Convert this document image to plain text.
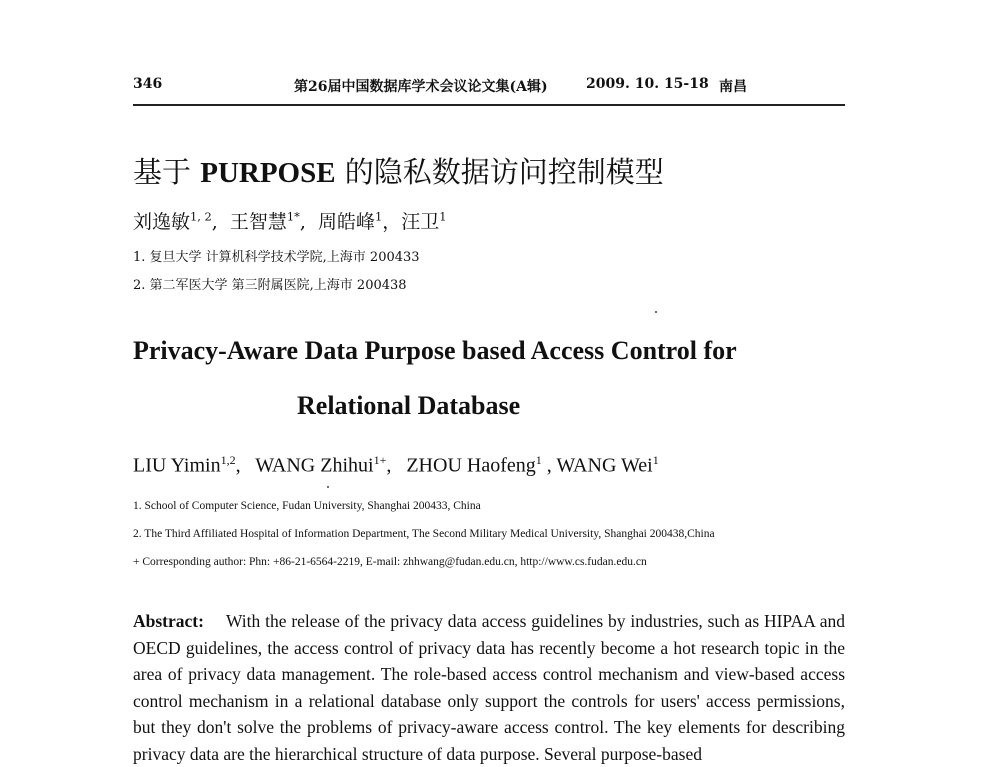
346	第26届中国数据库学术会议论文集(A辑)	2009. 10. 15-18 南昌
基于 PURPOSE 的隐私数据访问控制模型
刘逸敏$^{1, 2}$,  王智慧$^{1*}$,  周皓峰$^1$，汪卫$^1$
1. 复旦大学 计算机科学技术学院,上海市 200433
2. 第二军医大学 第三附属医院,上海市 200438
Privacy-Aware Data Purpose based Access Control for
Relational Database
LIU Yimin$^{1,2}$,   WANG Zhihui$^{1+}$,   ZHOU Haofeng$^1$ , WANG Wei$^1$
1. School of Computer Science, Fudan University, Shanghai 200433, China
2. The Third Affiliated Hospital of Information Department, The Second Military Medical University, Shanghai 200438,China
+ Corresponding author: Phn: +86-21-6564-2219, E-mail: zhhwang@fudan.edu.cn, http://www.cs.fudan.edu.cn
Abstract: With the release of the privacy data access guidelines by industries, such as HIPAA and OECD guidelines, the access control of privacy data has recently become a hot research topic in the area of privacy data management. The role-based access control mechanism and view-based access control mechanism in a relational database only support the controls for users' access permissions, but they don't solve the problems of privacy-aware access control. The key elements for describing privacy data are the hierarchical structure of data purpose. Several purpose-based
